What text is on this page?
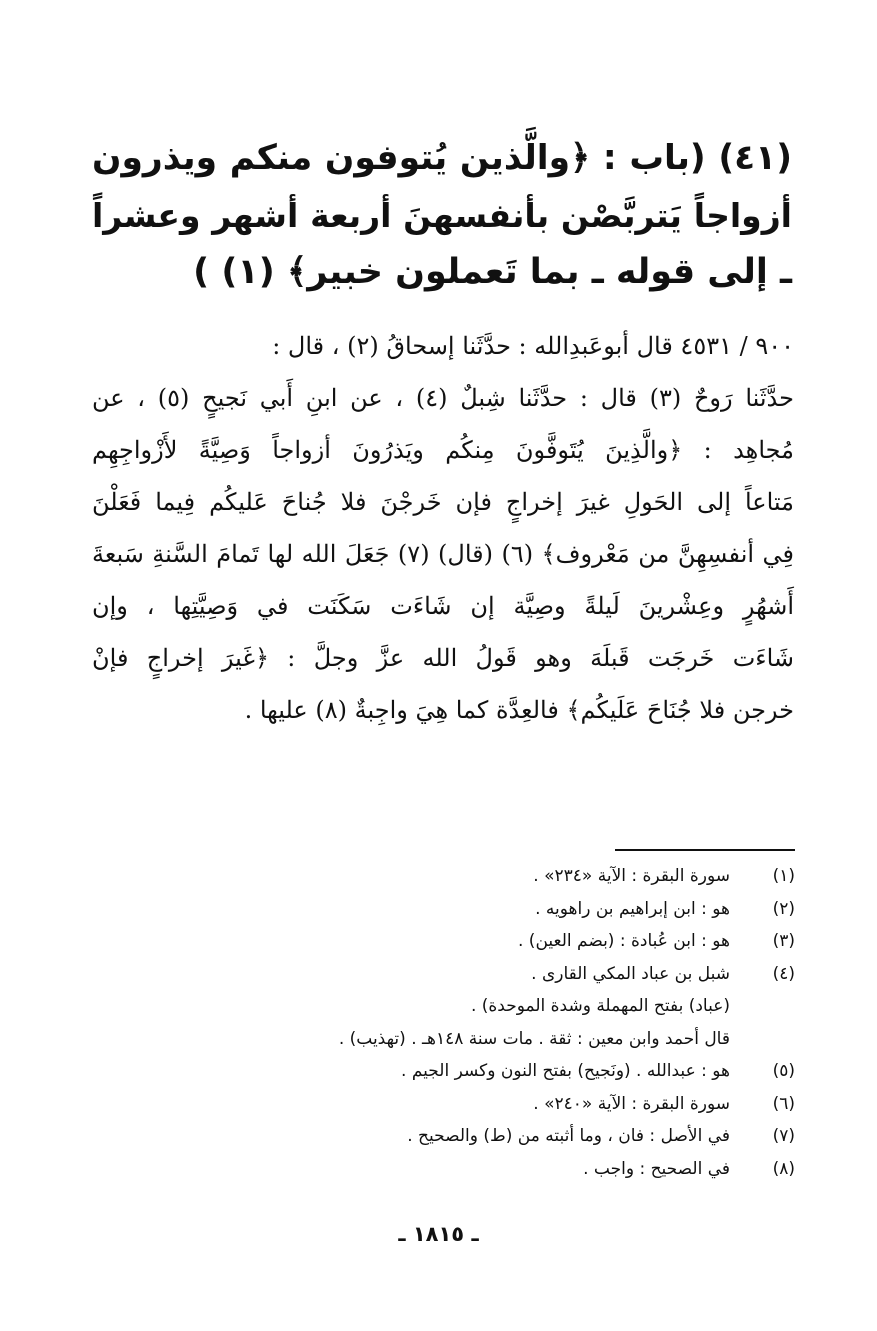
(٤١) (باب : ﴿والَّذين يُتوفون منكم ويذرون
أزواجاً يَتربَّصْن بأنفسهنَ أربعة أشهر وعشراً
ـ إلى قوله ـ بما تَعملون خبير﴾ (١) )
٩٠٠ / ٤٥٣١ قال أبوعَبدِالله : حدَّثَنا إسحاقُ (٢) ، قال :
حدَّثَنا رَوحٌ (٣) قال : حدَّثَنا شِبلٌ (٤) ، عن ابنِ أَبي نَجيحٍ (٥) ، عن
مُجاهِد : ﴿والَّذِينَ يُتَوفَّونَ مِنكُم ويَذرُونَ أزواجاً وَصِيَّةً لأَزْواجِهِم
مَتاعاً إلى الحَولِ غيرَ إخراجٍ فإن خَرجْنَ فلا جُناحَ عَليكُم فِيما فَعَلْنَ
فِي أنفسِهِنَّ من مَعْروف﴾ (٦) (قال) (٧) جَعَلَ الله لها تَمامَ السَّنةِ سَبعةَ
أَشهُرٍ وعِشْرينَ لَيلةً وصِيَّة إن شَاءَت سَكَنَت في وَصِيَّتِها ، وإن
شَاءَت خَرجَت قَبلَهَ وهو قَولُ الله عزَّ وجلَّ : ﴿غَيرَ إخراجٍ فإنْ
خرجن فلا جُنَاحَ عَلَيكُم﴾ فالعِدَّة كما هِيَ واجِبةٌ (٨) عليها .
(١)
سورة البقرة : الآية «٢٣٤» .
(٢)
هو : ابن إبراهيم بن راهويه .
(٣)
هو : ابن عُبادة : (بضم العين) .
(٤)
شبل بن عباد المكي القارى .
(عباد) بفتح المهملة وشدة الموحدة) .
قال أحمد وابن معين : ثقة . مات سنة ١٤٨هـ . (تهذيب) .
(٥)
هو : عبدالله . (ونَجيح) بفتح النون وكسر الجيم .
(٦)
سورة البقرة : الآية «٢٤٠» .
(٧)
في الأصل : فان ، وما أثبته من (ط) والصحيح .
(٨)
في الصحيح : واجب .
ـ ١٨١٥ ـ
